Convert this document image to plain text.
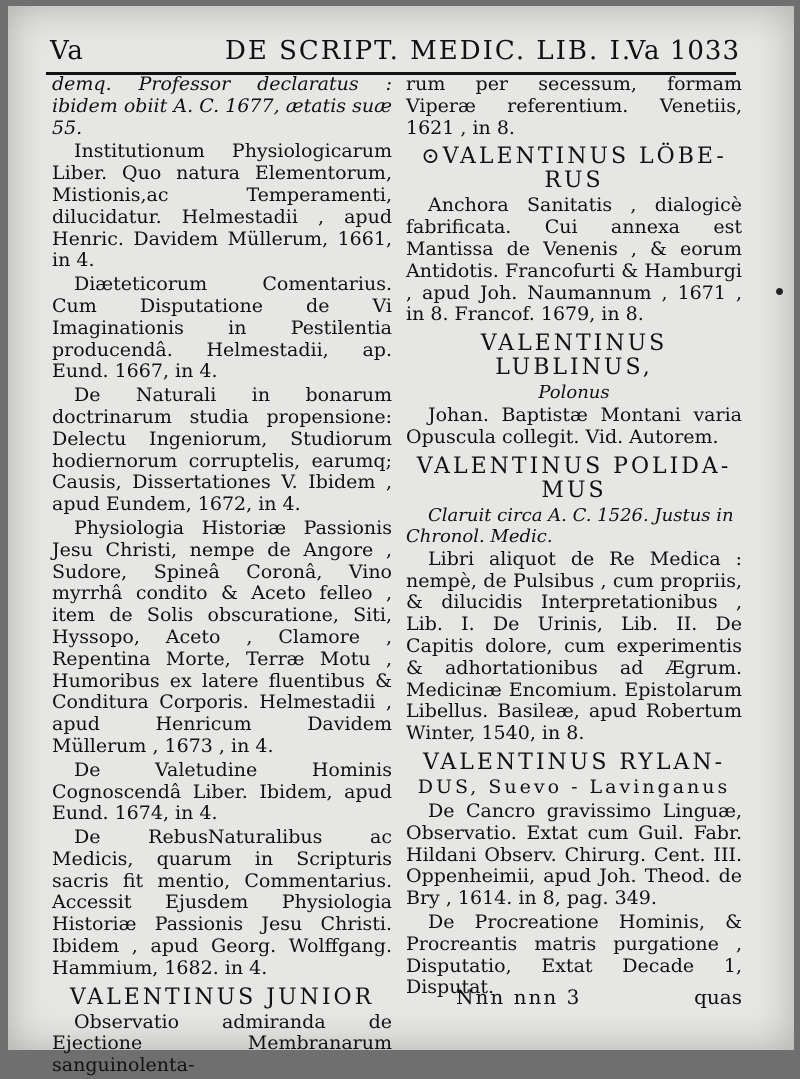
Va	DE SCRIPT. MEDIC. LIB. I.
Va 1033

demq. Professor declaratus : ibidem obiit A. C. 1677, ætatis suæ 55.

Institutionum Physiologicarum Liber. Quo natura Elementorum, Mistionis,ac Temperamenti, dilucidatur. Helmestadii , apud Henric. Davidem Müllerum, 1661, in 4.

Diæteticorum Comentarius. Cum Disputatione de Vi Imaginationis in Pestilentia producendâ. Helmestadii, ap. Eund. 1667, in 4.

De Naturali in bonarum doctrinarum studia propensione: Delectu Ingeniorum, Studiorum hodiernorum corruptelis, earumq; Causis, Dissertationes V. Ibidem , apud Eundem, 1672, in 4.

Physiologia Historiæ Passionis Jesu Christi, nempe de Angore , Sudore, Spineâ Coronâ, Vino myrrhâ condito & Aceto felleo , item de Solis obscuratione, Siti, Hyssopo, Aceto , Clamore , Repentina Morte, Terræ Motu , Humoribus ex latere fluentibus & Conditura Corporis. Helmestadii , apud Henricum Davidem Müllerum , 1673 , in 4.

De Valetudine Hominis Cognoscendâ Liber. Ibidem, apud Eund. 1674, in 4.

De RebusNaturalibus ac Medicis, quarum in Scripturis sacris fit mentio, Commentarius. Accessit Ejusdem Physiologia Historiæ Passionis Jesu Christi. Ibidem , apud Georg. Wolffgang. Hammium, 1682. in 4.

VALENTINUS JUNIOR

Observatio admiranda de Ejectione Membranarum sanguinolenta-

rum per secessum, formam Viperæ referentium. Venetiis, 1621 , in 8.

⊙VALENTINUS LÖBE-
RUS

Anchora Sanitatis , dialogicè fabrificata. Cui annexa est Mantissa de Venenis , & eorum Antidotis. Francofurti & Hamburgi , apud Joh. Naumannum , 1671 , in 8. Francof. 1679, in 8.

VALENTINUS LUBLINUS,
Polonus

Johan. Baptistæ Montani varia Opuscula collegit. Vid. Autorem.

VALENTINUS POLIDA-
MUS
Claruit circa A. C. 1526. Justus in Chronol. Medic.

Libri aliquot de Re Medica : nempè, de Pulsibus , cum propriis, & dilucidis Interpretationibus , Lib. I. De Urinis, Lib. II. De Capitis dolore, cum experimentis & adhortationibus ad Ægrum. Medicinæ Encomium. Epistolarum Libellus. Basileæ, apud Robertum Winter, 1540, in 8.

VALENTINUS RYLAN-
DUS, Suevo - Lavinganus

De Cancro gravissimo Linguæ, Observatio. Extat cum Guil. Fabr. Hildani Observ. Chirurg. Cent. III. Oppenheimii, apud Joh. Theod. de Bry , 1614. in 8, pag. 349.

De Procreatione Hominis, & Procreantis matris purgatione , Disputatio, Extat Decade 1, Disputat.

Nnn nnn 3	quas
